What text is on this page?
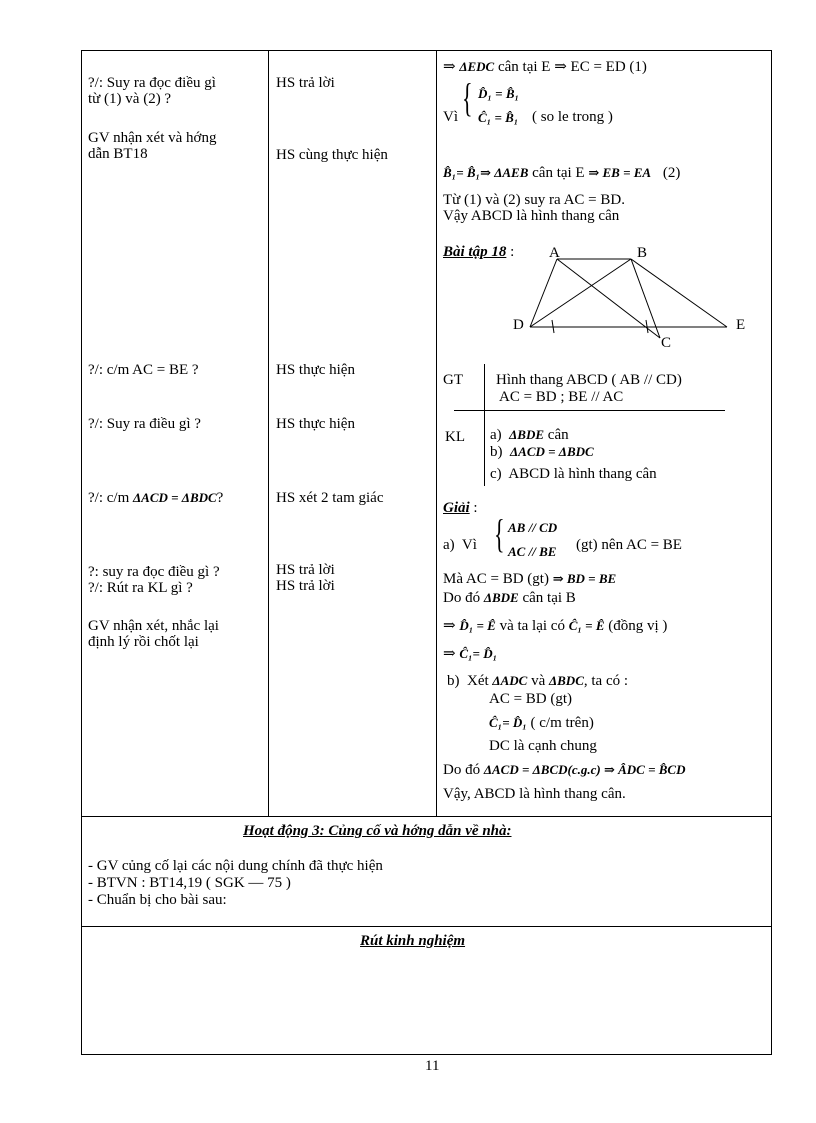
?/: Suy ra đọc điều gì
từ (1) và (2) ?
GV nhận xét và hớng
dẫn BT18
?/: c/m AC = BE ?
?/: Suy ra điều gì ?
?/: c/m ΔACD = ΔBDC?
?: suy ra đọc điều gì ?
?/: Rút ra KL gì ?
GV nhận xét, nhắc lại
định lý rồi chốt lại
HS trả lời
HS cùng thực hiện
HS thực hiện
HS thực hiện
HS xét 2 tam giác
HS trả lời
HS trả lời
⇒ ΔEDC cân tại E ⇒ EC = ED (1)
Vì { D̂₁ = B̂₁
Ĉ₁ = B̂₁ ( so le trong )
B̂₁= B̂₁⇒ ΔAEB cân tại E ⇒ EB = EA (2)
Từ (1) và (2) suy ra AC = BD.
Vậy ABCD là hình thang cân
Bài tập 18 : A	B
D	E
C
GT Hình thang ABCD ( AB // CD)
AC = BD ; BE // AC
KL a) ΔBDE cân
b) ΔACD = ΔBDC
c) ABCD là hình thang cân
Giải :
a) Vì { AB // CD
AC // BE (gt) nên AC = BE
Mà AC = BD (gt) ⇒ BD = BE
Do đó ΔBDE cân tại B
⇒ D̂₁ = Ê và ta lại có Ĉ₁ = Ê (đồng vị )
⇒ Ĉ₁= D̂₁
b) Xét ΔADC và ΔBDC, ta có :
AC = BD (gt)
Ĉ₁= D̂₁ ( c/m trên)
DC là cạnh chung
Do đó ΔACD = ΔBCD(c.g.c) ⇒ ÂDC = B̂CD
Vậy, ABCD là hình thang cân.
Hoạt động 3: Củng cố và hớng dẫn về nhà:
- GV củng cố lại các nội dung chính đã thực hiện
- BTVN : BT14,19 ( SGK — 75 )
- Chuẩn bị cho bài sau:
Rút kinh nghiệm
11
